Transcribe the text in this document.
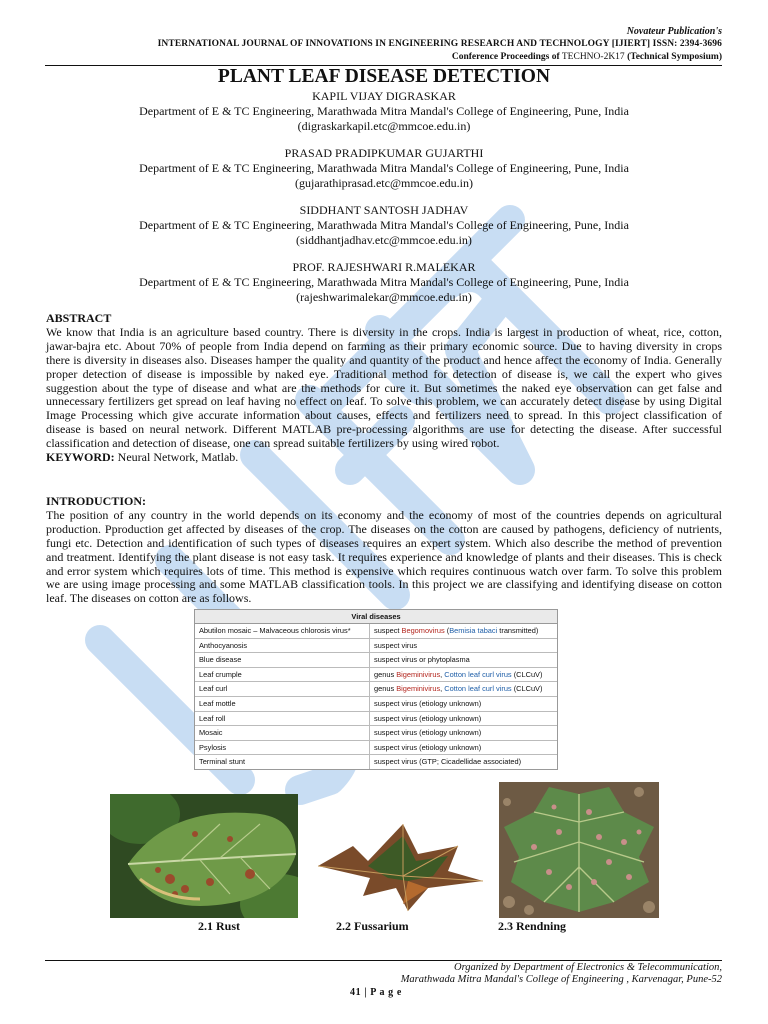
Novateur Publication's
INTERNATIONAL JOURNAL OF INNOVATIONS IN ENGINEERING RESEARCH AND TECHNOLOGY [IJIERT] ISSN: 2394-3696
Conference Proceedings of TECHNO-2K17 (Technical Symposium)
PLANT LEAF DISEASE DETECTION
KAPIL VIJAY DIGRASKAR
Department of E & TC Engineering, Marathwada Mitra Mandal's College of Engineering, Pune, India
(digraskarkapil.etc@mmcoe.edu.in)
PRASAD PRADIPKUMAR GUJARTHI
Department of E & TC Engineering, Marathwada Mitra Mandal's College of Engineering, Pune, India
(gujarathiprasad.etc@mmcoe.edu.in)
SIDDHANT SANTOSH JADHAV
Department of E & TC Engineering, Marathwada Mitra Mandal's College of Engineering, Pune, India
(siddhantjadhav.etc@mmcoe.edu.in)
PROF. RAJESHWARI R.MALEKAR
Department of E & TC Engineering, Marathwada Mitra Mandal's College of Engineering, Pune, India
(rajeshwarimalekar@mmcoe.edu.in)
ABSTRACT
We know that India is an agriculture based country. There is diversity in the crops. India is largest in production of wheat, rice, cotton, jawar-bajra etc. About 70% of people from India depend on farming as their primary economic source. Due to having diversity in crops there is diversity in diseases also. Diseases hamper the quality and quantity of the product and hence affect the economy of India. Generally proper detection of disease is impossible by naked eye. Traditional method for detection of disease is, we call the expert who gives suggestion about the type of disease and what are the methods for cure it. But sometimes the naked eye observation can get false and unnecessary fertilizers get spread on leaf having no effect on leaf. To solve this problem, we can accurately detect disease by using Digital Image Processing which give accurate information about causes, effects and fertilizers need to spread. In this project classification of disease is based on neural network. Different MATLAB pre-processing algorithms are use for detecting the disease. After successful classification and detection of disease, one can spread suitable fertilizers by using wired robot.
KEYWORD: Neural Network, Matlab.
INTRODUCTION:
The position of any country in the world depends on its economy and the economy of most of the countries depends on agricultural production. Pproduction get affected by diseases of the crop. The diseases on the cotton are caused by pathogens, deficiency of nutrients, fungi etc. Detection and identification of such types of diseases requires an expert system. Which also describe the method of prevention and treatment. Identifying the plant disease is not easy task. It requires experience and knowledge of plants and their diseases. This is check and error system which requires lots of time. This method is expensive which requires continuous watch over farm. To solve this problem we are using image processing and some MATLAB classification tools. In this project we are classifying and identifying disease on cotton leaf. The diseases on cotton are as follows.
Viral diseases
Abutilon mosaic – Malvaceous chlorosis virus*	suspect Begomovirus (Bemisia tabaci transmitted)
Anthocyanosis	suspect virus
Blue disease	suspect virus or phytoplasma
Leaf crumple	genus Bigeminivirus, Cotton leaf curl virus (CLCuV)
Leaf curl	genus Bigeminivirus, Cotton leaf curl virus (CLCuV)
Leaf mottle	suspect virus (etiology unknown)
Leaf roll	suspect virus (etiology unknown)
Mosaic	suspect virus (etiology unknown)
Psylosis	suspect virus (etiology unknown)
Terminal stunt	suspect virus (GTP; Cicadellidae associated)
2.1 Rust	2.2 Fussarium	2.3 Rendning
Organized by Department of Electronics & Telecommunication,
Marathwada Mitra Mandal's College of Engineering , Karvenagar, Pune-52
41 | P a g e
